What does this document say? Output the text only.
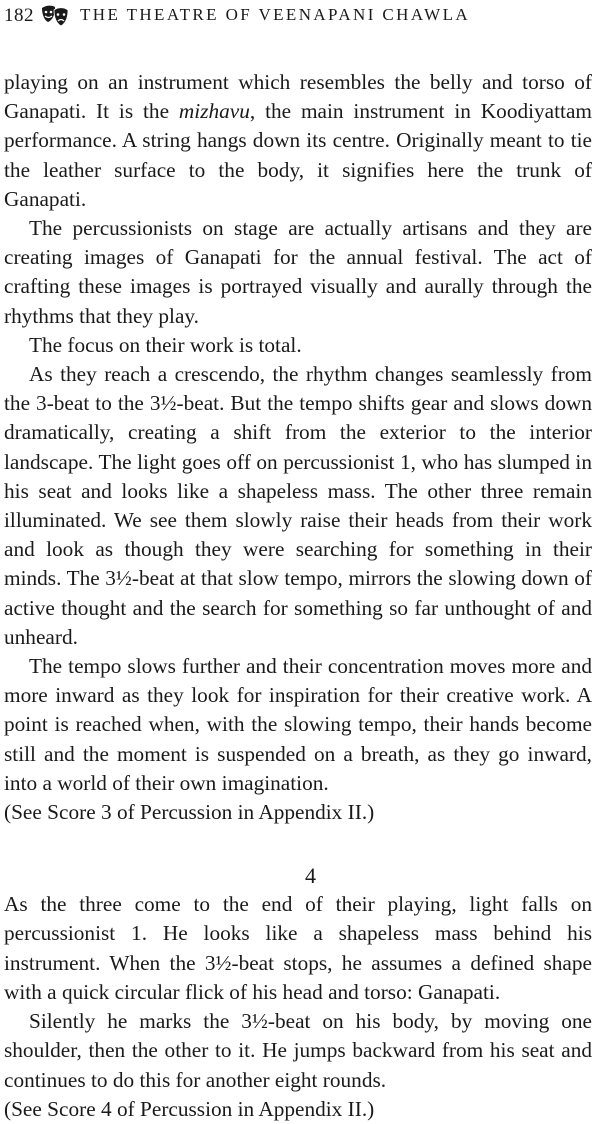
182	THE THEATRE OF VEENAPANI CHAWLA

playing on an instrument which resembles the belly and torso of Ganapati. It is the mizhavu, the main instrument in Koodiyattam performance. A string hangs down its centre. Originally meant to tie the leather surface to the body, it signifies here the trunk of Ganapati.

The percussionists on stage are actually artisans and they are creating images of Ganapati for the annual festival. The act of crafting these images is portrayed visually and aurally through the rhythms that they play.

The focus on their work is total.

As they reach a crescendo, the rhythm changes seamlessly from the 3-beat to the 3½-beat. But the tempo shifts gear and slows down dramatically, creating a shift from the exterior to the interior landscape. The light goes off on percussionist 1, who has slumped in his seat and looks like a shapeless mass. The other three remain illuminated. We see them slowly raise their heads from their work and look as though they were searching for something in their minds. The 3½-beat at that slow tempo, mirrors the slowing down of active thought and the search for something so far unthought of and unheard.

The tempo slows further and their concentration moves more and more inward as they look for inspiration for their creative work. A point is reached when, with the slowing tempo, their hands become still and the moment is suspended on a breath, as they go inward, into a world of their own imagination.

(See Score 3 of Percussion in Appendix II.)

4

As the three come to the end of their playing, light falls on percussionist 1. He looks like a shapeless mass behind his instrument. When the 3½-beat stops, he assumes a defined shape with a quick circular flick of his head and torso: Ganapati.

Silently he marks the 3½-beat on his body, by moving one shoulder, then the other to it. He jumps backward from his seat and continues to do this for another eight rounds.

(See Score 4 of Percussion in Appendix II.)
